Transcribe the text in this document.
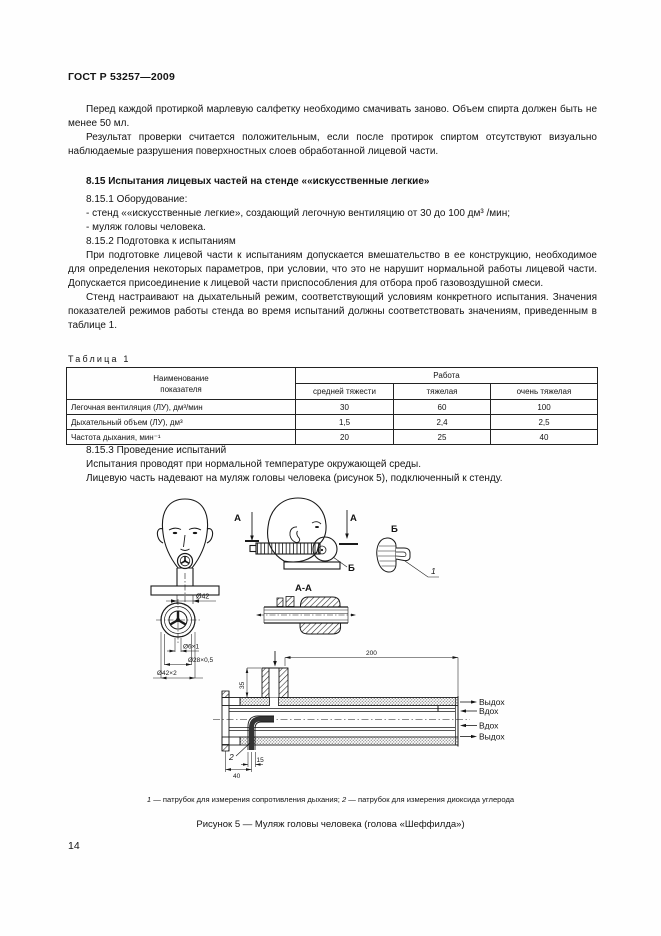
ГОСТ Р 53257—2009

Перед каждой протиркой марлевую салфетку необходимо смачивать заново. Объем спирта должен быть не менее 50 мл.

Результат проверки считается положительным, если после протирок спиртом отсутствуют визуально наблюдаемые разрушения поверхностных слоев обработанной лицевой части.

8.15 Испытания лицевых частей на стенде ««искусственные легкие»

8.15.1 Оборудование:

- стенд ««искусственные легкие», создающий легочную вентиляцию от 30 до 100 дм³ /мин;

- муляж головы человека.

8.15.2 Подготовка к испытаниям

При подготовке лицевой части к испытаниям допускается вмешательство в ее конструкцию, необходимое для определения некоторых параметров, при условии, что это не нарушит нормальной работы лицевой части. Допускается присоединение к лицевой части приспособления для отбора проб газовоздушной смеси.

Стенд настраивают на дыхательный режим, соответствующий условиям конкретного испытания. Значения показателей режимов работы стенда во время испытаний должны соответствовать значениям, приведенным в таблице 1.

Таблица 1
Наименование
показателя	Работа		
	средней тяжести	тяжелая	очень тяжелая
Легочная вентиляция (ЛУ), дм³/мин	30	60	100
Дыхательный объем (ЛУ), дм³	1,5	2,4	2,5
Частота дыхания, мин⁻¹	20	25	40

8.15.3 Проведение испытаний

Испытания проводят при нормальной температуре окружающей среды.

Лицевую часть надевают на муляж головы человека (рисунок 5), подключенный к стенду.

Ø42
Б
А	А
А-А
Б
1
Ø6×1
Ø28×0,5
Ø42×2
35
200
Выдох
Вдох
Вдох
Выдох
2	15
40
1 — патрубок для измерения сопротивления дыхания; 2 — патрубок для измерения диоксида углерода
Рисунок 5 — Муляж головы человека (голова «Шеффилда»)
14
